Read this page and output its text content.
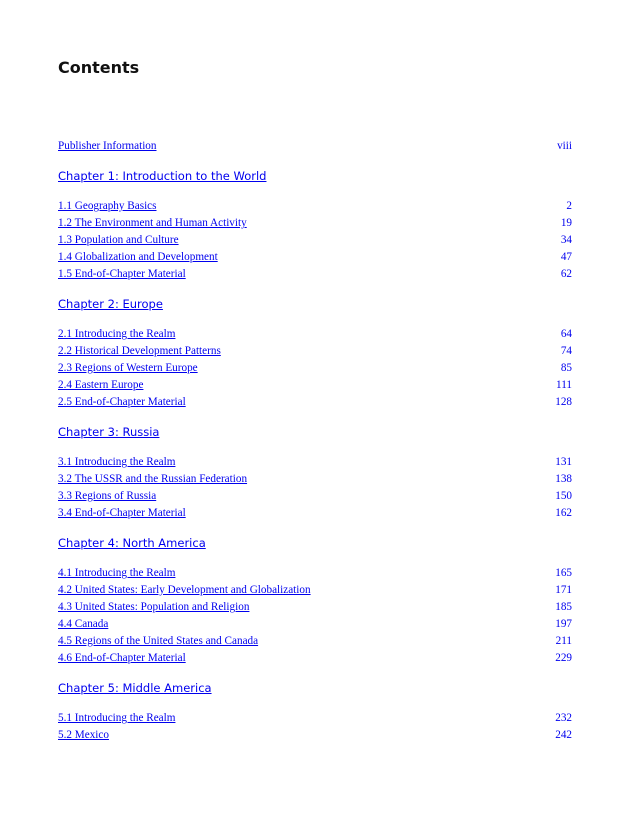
Contents
Publisher Information	viii
Chapter 1: Introduction to the World
1.1 Geography Basics	2
1.2 The Environment and Human Activity	19
1.3 Population and Culture	34
1.4 Globalization and Development	47
1.5 End-of-Chapter Material	62
Chapter 2: Europe
2.1 Introducing the Realm	64
2.2 Historical Development Patterns	74
2.3 Regions of Western Europe	85
2.4 Eastern Europe	111
2.5 End-of-Chapter Material	128
Chapter 3: Russia
3.1 Introducing the Realm	131
3.2 The USSR and the Russian Federation	138
3.3 Regions of Russia	150
3.4 End-of-Chapter Material	162
Chapter 4: North America
4.1 Introducing the Realm	165
4.2 United States: Early Development and Globalization	171
4.3 United States: Population and Religion	185
4.4 Canada	197
4.5 Regions of the United States and Canada	211
4.6 End-of-Chapter Material	229
Chapter 5: Middle America
5.1 Introducing the Realm	232
5.2 Mexico	242
